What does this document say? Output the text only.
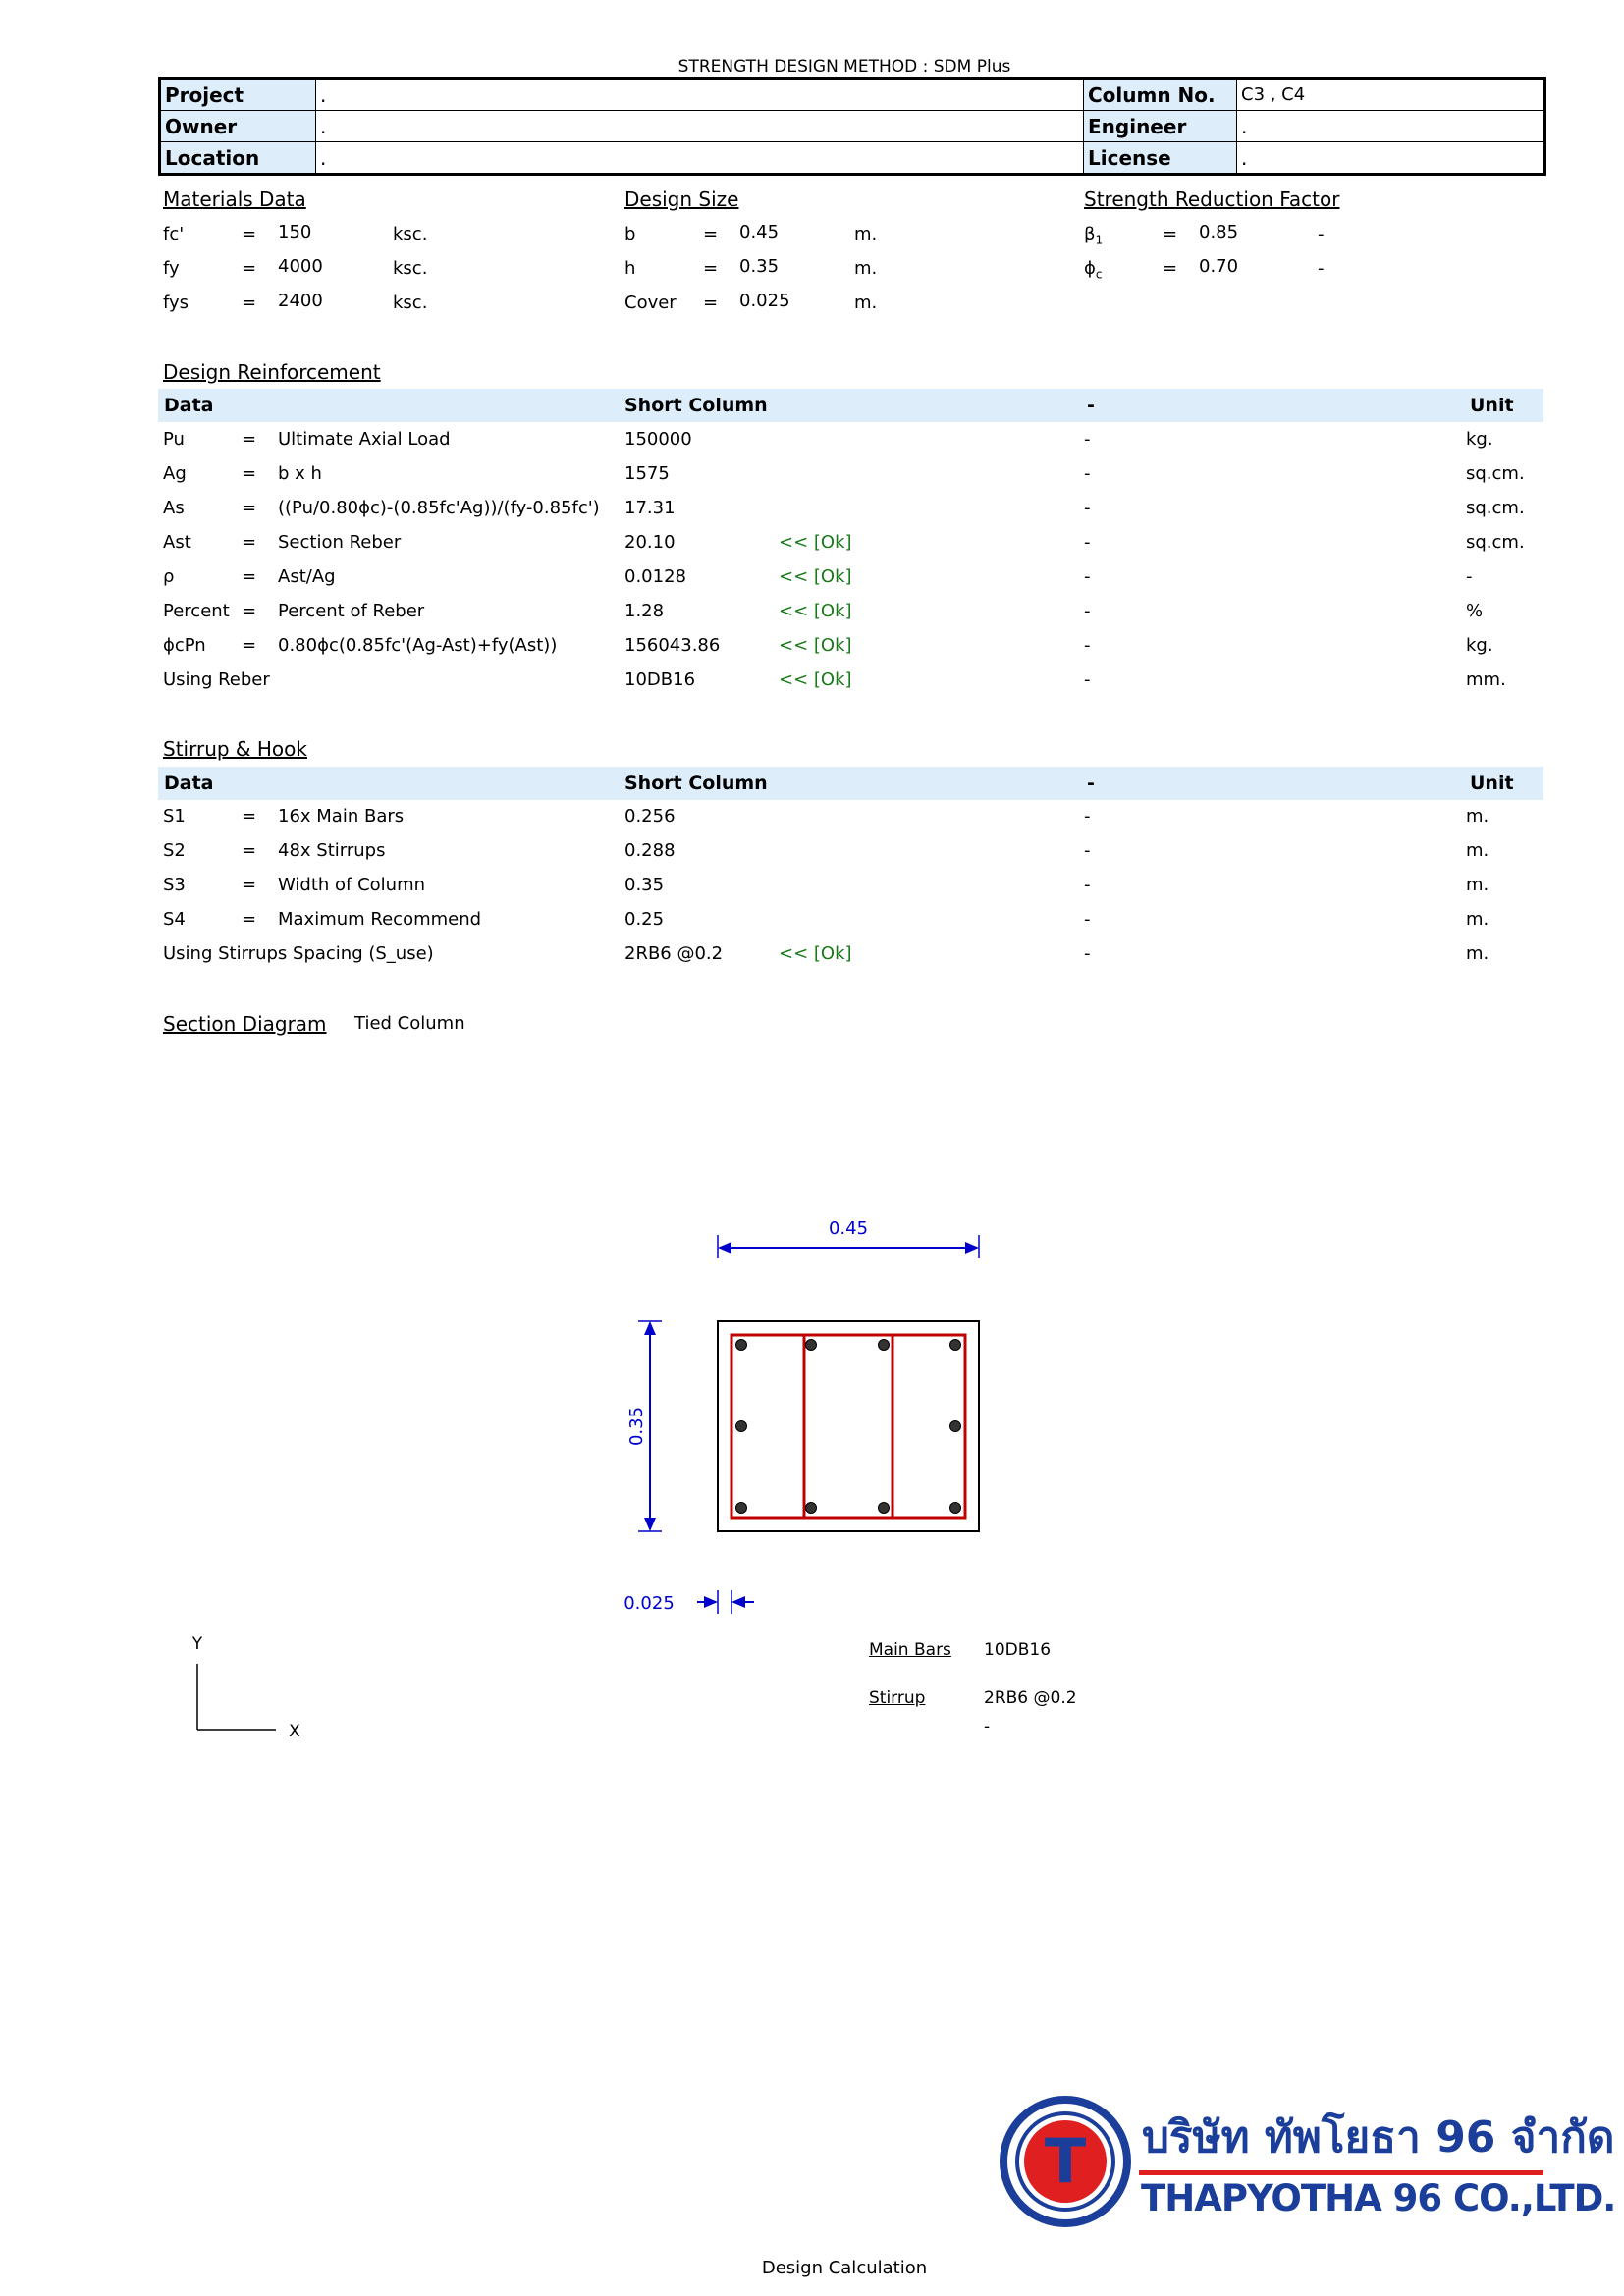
STRENGTH DESIGN METHOD : SDM Plus
Project	.	Column No.	C3 , C4
Owner	.	Engineer	.
Location	.	License	.
Materials Data	Design Size	Strength Reduction Factor
fc'	= 150	ksc.
fy	= 4000	ksc.
fys	= 2400	ksc.
b	= 0.45	m.
h	= 0.35	m.
Cover = 0.025	m.
$\beta_1$	= 0.85	-
$\phi_c$	= 0.70	-
Design Reinforcement
Data	Short Column	-	Unit
Pu	= Ultimate Axial Load	150000	-	kg.
Ag	= b x h	1575	-	sq.cm.
As	= ((Pu/0.80ϕc)-(0.85fc'Ag))/(fy-0.85fc') 17.31	-	sq.cm.
Ast	= Section Reber	20.10	<< [Ok]	-	sq.cm.
ρ	= Ast/Ag	0.0128	<< [Ok]	-	-
Percent = Percent of Reber	1.28	<< [Ok]	-	%
ϕcPn = 0.80ϕc(0.85fc'(Ag-Ast)+fy(Ast))	156043.86	<< [Ok]	-	kg.
Using Reber	10DB16	<< [Ok]	-	mm.
Stirrup & Hook
Data	Short Column	-	Unit
S1	= 16x Main Bars	0.256	-	m.
S2	= 48x Stirrups	0.288	-	m.
S3	= Width of Column	0.35	-	m.
S4	= Maximum Recommend	0.25	-	m.
Using Stirrups Spacing (S_use)	2RB6 @0.2	<< [Ok]	-	m.
Section Diagram Tied Column
0.45
0.35
0.025
Y
X
Main Bars 10DB16
Stirrup	2RB6 @0.2
-
T บริษัท ทัพโยธา 96 จำกัด
THAPYOTHA 96 CO.,LTD.
Design Calculation
